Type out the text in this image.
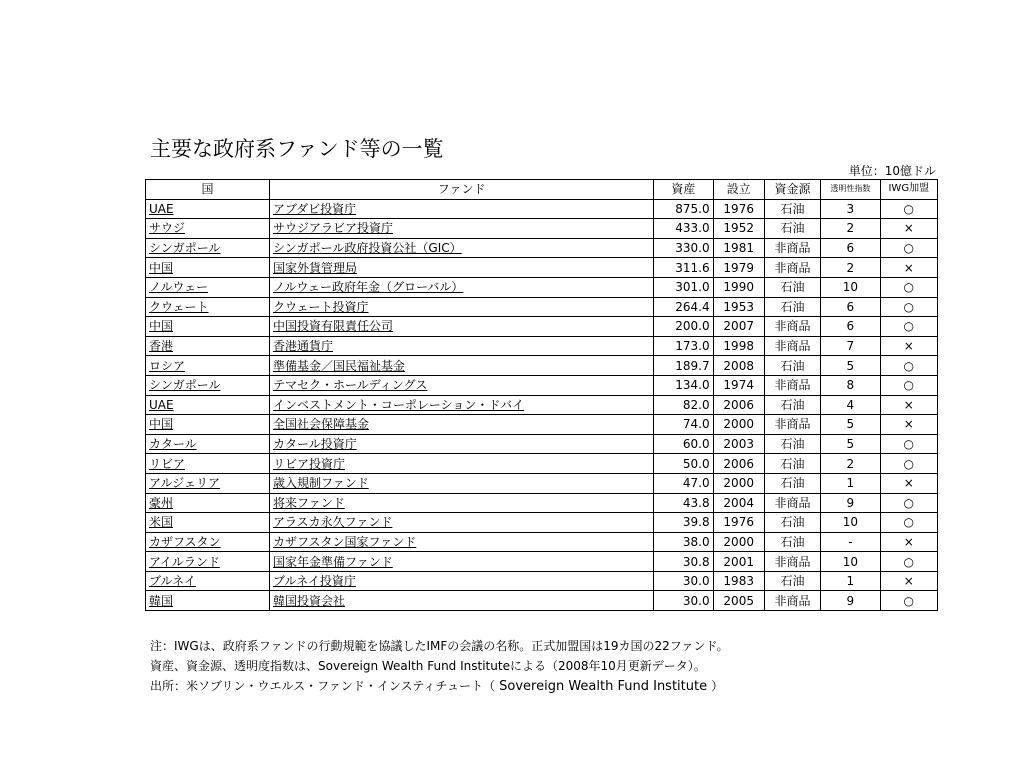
主要な政府系ファンド等の一覧
単位：10億ドル
国	ファンド	資産	設立	資金源	透明性指数	IWG加盟
UAE	アブダビ投資庁	875.0	1976	石油	3	○
サウジ	サウジアラビア投資庁	433.0	1952	石油	2	×
シンガポール	シンガポール政府投資公社（GIC）	330.0	1981	非商品	6	○
中国	国家外貨管理局	311.6	1979	非商品	2	×
ノルウェー	ノルウェー政府年金（グローバル）	301.0	1990	石油	10	○
クウェート	クウェート投資庁	264.4	1953	石油	6	○
中国	中国投資有限責任公司	200.0	2007	非商品	6	○
香港	香港通貨庁	173.0	1998	非商品	7	×
ロシア	準備基金／国民福祉基金	189.7	2008	石油	5	○
シンガポール	テマセク・ホールディングス	134.0	1974	非商品	8	○
UAE	インベストメント・コーポレーション・ドバイ	82.0	2006	石油	4	×
中国	全国社会保障基金	74.0	2000	非商品	5	×
カタール	カタール投資庁	60.0	2003	石油	5	○
リビア	リビア投資庁	50.0	2006	石油	2	○
アルジェリア	歳入規制ファンド	47.0	2000	石油	1	×
豪州	将来ファンド	43.8	2004	非商品	9	○
米国	アラスカ永久ファンド	39.8	1976	石油	10	○
カザフスタン	カザフスタン国家ファンド	38.0	2000	石油	-	×
アイルランド	国家年金準備ファンド	30.8	2001	非商品	10	○
ブルネイ	ブルネイ投資庁	30.0	1983	石油	1	×
韓国	韓国投資会社	30.0	2005	非商品	9	○
注：IWGは、政府系ファンドの行動規範を協議したIMFの会議の名称。正式加盟国は19カ国の22ファンド。
資産、資金源、透明度指数は、Sovereign Wealth Fund Instituteによる（2008年10月更新データ）。
出所：米ソブリン・ウエルス・ファンド・インスティチュート（ Sovereign Wealth Fund Institute ）
